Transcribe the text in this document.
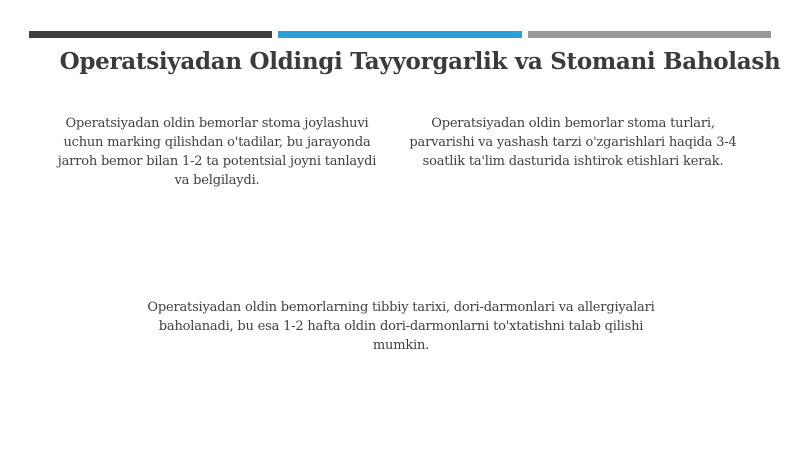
Operatsiyadan Oldingi Tayyorgarlik va Stomani Baholash
Operatsiyadan oldin bemorlar stoma joylashuvi uchun marking qilishdan o'tadilar, bu jarayonda jarroh bemor bilan 1-2 ta potentsial joyni tanlaydi va belgilaydi.
Operatsiyadan oldin bemorlar stoma turlari, parvarishi va yashash tarzi o'zgarishlari haqida 3-4 soatlik ta'lim dasturida ishtirok etishlari kerak.
Operatsiyadan oldin bemorlarning tibbiy tarixi, dori-darmonlari va allergiyalari baholanadi, bu esa 1-2 hafta oldin dori-darmonlarni to'xtatishni talab qilishi mumkin.
